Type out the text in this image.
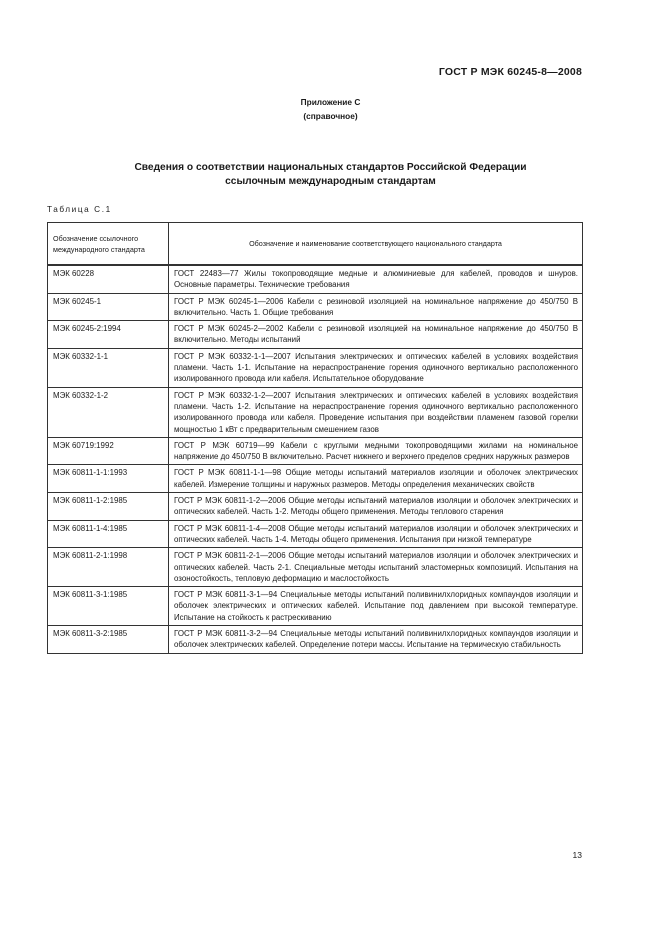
ГОСТ Р МЭК 60245-8—2008
Приложение С
(справочное)
Сведения о соответствии национальных стандартов Российской Федерации
ссылочным международным стандартам
Таблица С.1
Обозначение ссылочного
международного стандарта	Обозначение и наименование соответствующего национального стандарта
МЭК 60228	ГОСТ 22483—77 Жилы токопроводящие медные и алюминиевые для кабелей, проводов и шнуров. Основные параметры. Технические требования
МЭК 60245-1	ГОСТ Р МЭК 60245-1—2006 Кабели с резиновой изоляцией на номинальное напряжение до 450/750 В включительно. Часть 1. Общие требования
МЭК 60245-2:1994	ГОСТ Р МЭК 60245-2—2002 Кабели с резиновой изоляцией на номинальное напряжение до 450/750 В включительно. Методы испытаний
МЭК 60332-1-1	ГОСТ Р МЭК 60332-1-1—2007 Испытания электрических и оптических кабелей в условиях воздействия пламени. Часть 1-1. Испытание на нераспространение горения одиночного вертикально расположенного изолированного провода или кабеля. Испытательное оборудование
МЭК 60332-1-2	ГОСТ Р МЭК 60332-1-2—2007 Испытания электрических и оптических кабелей в условиях воздействия пламени. Часть 1-2. Испытание на нераспространение горения одиночного вертикально расположенного изолированного провода или кабеля. Проведение испытания при воздействии пламенем газовой горелки мощностью 1 кВт с предварительным смешением газов
МЭК 60719:1992	ГОСТ Р МЭК 60719—99 Кабели с круглыми медными токопроводящими жилами на номинальное напряжение до 450/750 В включительно. Расчет нижнего и верхнего пределов средних наружных размеров
МЭК 60811-1-1:1993	ГОСТ Р МЭК 60811-1-1—98 Общие методы испытаний материалов изоляции и оболочек электрических кабелей. Измерение толщины и наружных размеров. Методы определения механических свойств
МЭК 60811-1-2:1985	ГОСТ Р МЭК 60811-1-2—2006 Общие методы испытаний материалов изоляции и оболочек электрических и оптических кабелей. Часть 1-2. Методы общего применения. Методы теплового старения
МЭК 60811-1-4:1985	ГОСТ Р МЭК 60811-1-4—2008 Общие методы испытаний материалов изоляции и оболочек электрических и оптических кабелей. Часть 1-4. Методы общего применения. Испытания при низкой температуре
МЭК 60811-2-1:1998	ГОСТ Р МЭК 60811-2-1—2006 Общие методы испытаний материалов изоляции и оболочек электрических и оптических кабелей. Часть 2-1. Специальные методы испытаний эластомерных композиций. Испытания на озоностойкость, тепловую деформацию и маслостойкость
МЭК 60811-3-1:1985	ГОСТ Р МЭК 60811-3-1—94 Специальные методы испытаний поливинилхлоридных компаундов изоляции и оболочек электрических и оптических кабелей. Испытание под давлением при высокой температуре. Испытание на стойкость к растрескиванию
МЭК 60811-3-2:1985	ГОСТ Р МЭК 60811-3-2—94 Специальные методы испытаний поливинилхлоридных компаундов изоляции и оболочек электрических кабелей. Определение потери массы. Испытание на термическую стабильность
13
